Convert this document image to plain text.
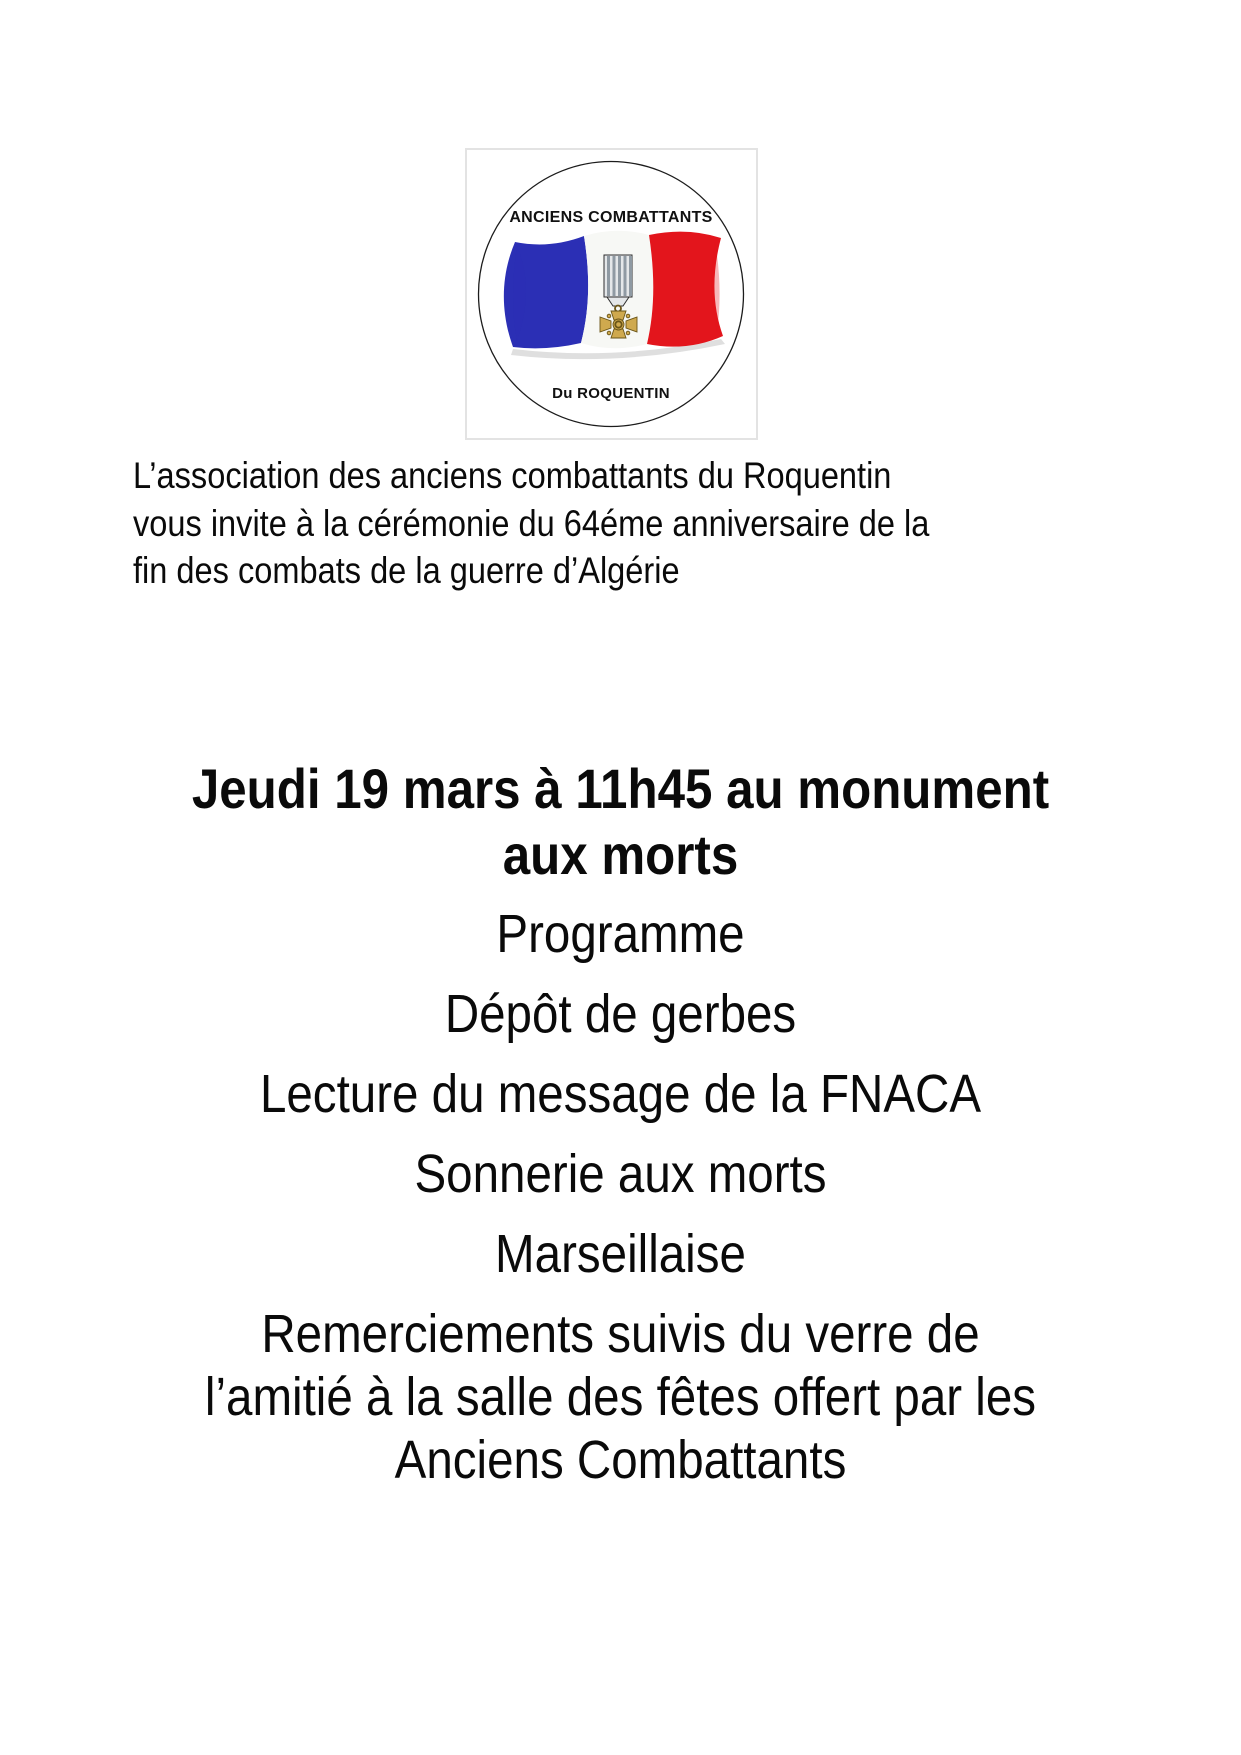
ANCIENS COMBATTANTS
Du ROQUENTIN
L’association des anciens combattants du Roquentin
vous invite à la cérémonie du 64éme anniversaire de la
fin des combats de la guerre d’Algérie
Jeudi 19 mars à 11h45 au monument
aux morts
Programme
Dépôt de gerbes
Lecture du message de la FNACA
Sonnerie aux morts
Marseillaise
Remerciements suivis du verre de
l’amitié à la salle des fêtes offert par les
Anciens Combattants
